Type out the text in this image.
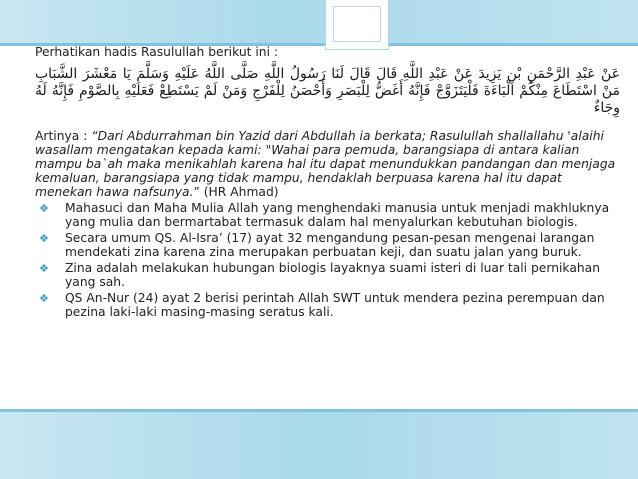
Perhatikan hadis Rasulullah berikut ini :
عَنْ عَبْدِ الرَّحْمَنِ بْنِ يَزِيدَ عَنْ عَبْدِ اللَّهِ قَالَ قَالَ لَنَا رَسُولُ اللَّهِ صَلَّى اللَّهُ عَلَيْهِ وَسَلَّمَ يَا مَعْشَرَ الشَّبَابِ مَنْ اسْتَطَاعَ مِنْكُمْ الْبَاءَةَ فَلْيَتَزَوَّجْ فَإِنَّهُ أَغَضُّ لِلْبَصَرِ وَأَحْصَنُ لِلْفَرْجِ وَمَنْ لَمْ يَسْتَطِعْ فَعَلَيْهِ بِالصَّوْمِ فَإِنَّهُ لَهُ وِجَاءٌ
Artinya : “Dari Abdurrahman bin Yazid dari Abdullah ia berkata; Rasulullah shallallahu 'alaihi wasallam mengatakan kepada kami: "Wahai para pemuda, barangsiapa di antara kalian mampu ba`ah maka menikahlah karena hal itu dapat menundukkan pandangan dan menjaga kemaluan, barangsiapa yang tidak mampu, hendaklah berpuasa karena hal itu dapat menekan hawa nafsunya.” (HR Ahmad)
❖ Mahasuci dan Maha Mulia Allah yang menghendaki manusia untuk menjadi makhluknya yang mulia dan bermartabat termasuk dalam hal menyalurkan kebutuhan biologis.
❖ Secara umum QS. Al-Isra’ (17) ayat 32 mengandung pesan-pesan mengenai larangan mendekati zina karena zina merupakan perbuatan keji, dan suatu jalan yang buruk.
❖ Zina adalah melakukan hubungan biologis layaknya suami isteri di luar tali pernikahan yang sah.
❖ QS An-Nur (24) ayat 2 berisi perintah Allah SWT untuk mendera pezina perempuan dan pezina laki-laki masing-masing seratus kali.
